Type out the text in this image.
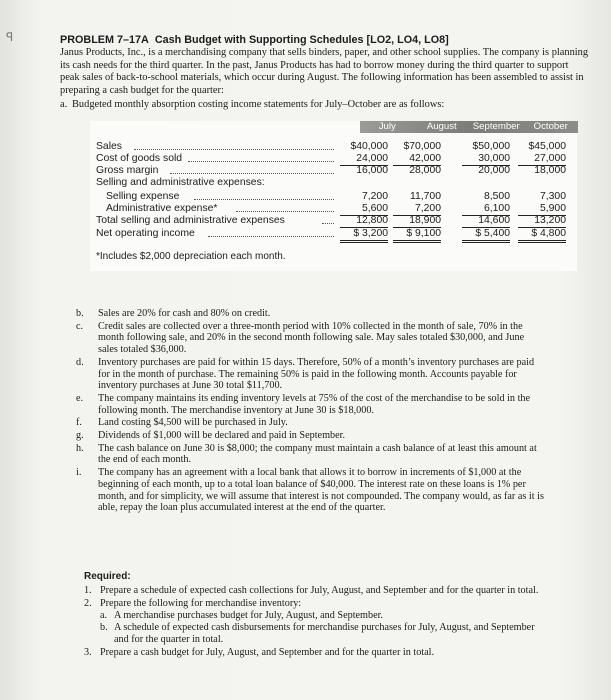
ꟼ	PROBLEM 7–17A Cash Budget with Supporting Schedules [LO2, LO4, LO8]

Janus Products, Inc., is a merchandising company that sells binders, paper, and other school supplies. The company is planning its cash needs for the third quarter. In the past, Janus Products has had to borrow money during the third quarter to support peak sales of back-to-school materials, which occur during August. The following information has been assembled to assist in preparing a cash budget for the quarter:

a. Budgeted monthly absorption costing income statements for July–October are as follows:
July	August	September	October
Sales	$40,000	$70,000	$50,000	$45,000
Cost of goods sold	24,000	42,000	30,000	27,000
Gross margin	16,000	28,000	20,000	18,000
Selling and administrative expenses:
Selling expense	7,200	11,700	8,500	7,300
Administrative expense*	5,600	7,200	6,100	5,900
Total selling and administrative expenses	12,800	18,900	14,600	13,200
Net operating income	$ 3,200	$ 9,100	$ 5,400	$ 4,800
*Includes $2,000 depreciation each month.
b.	Sales are 20% for cash and 80% on credit.
c.	Credit sales are collected over a three-month period with 10% collected in the month of sale, 70% in the month following sale, and 20% in the second month following sale. May sales totaled $30,000, and June sales totaled $36,000.
d.	Inventory purchases are paid for within 15 days. Therefore, 50% of a month’s inventory purchases are paid for in the month of purchase. The remaining 50% is paid in the following month. Accounts payable for inventory purchases at June 30 total $11,700.
e.	The company maintains its ending inventory levels at 75% of the cost of the merchandise to be sold in the following month. The merchandise inventory at June 30 is $18,000.
f.	Land costing $4,500 will be purchased in July.
g.	Dividends of $1,000 will be declared and paid in September.
h.	The cash balance on June 30 is $8,000; the company must maintain a cash balance of at least this amount at the end of each month.
i.	The company has an agreement with a local bank that allows it to borrow in increments of $1,000 at the beginning of each month, up to a total loan balance of $40,000. The interest rate on these loans is 1% per month, and for simplicity, we will assume that interest is not compounded. The company would, as far as it is able, repay the loan plus accumulated interest at the end of the quarter.
Required:
1. Prepare a schedule of expected cash collections for July, August, and September and for the quarter in total.
2. Prepare the following for merchandise inventory:
a. A merchandise purchases budget for July, August, and September.
b. A schedule of expected cash disbursements for merchandise purchases for July, August, and September and for the quarter in total.
3. Prepare a cash budget for July, August, and September and for the quarter in total.
